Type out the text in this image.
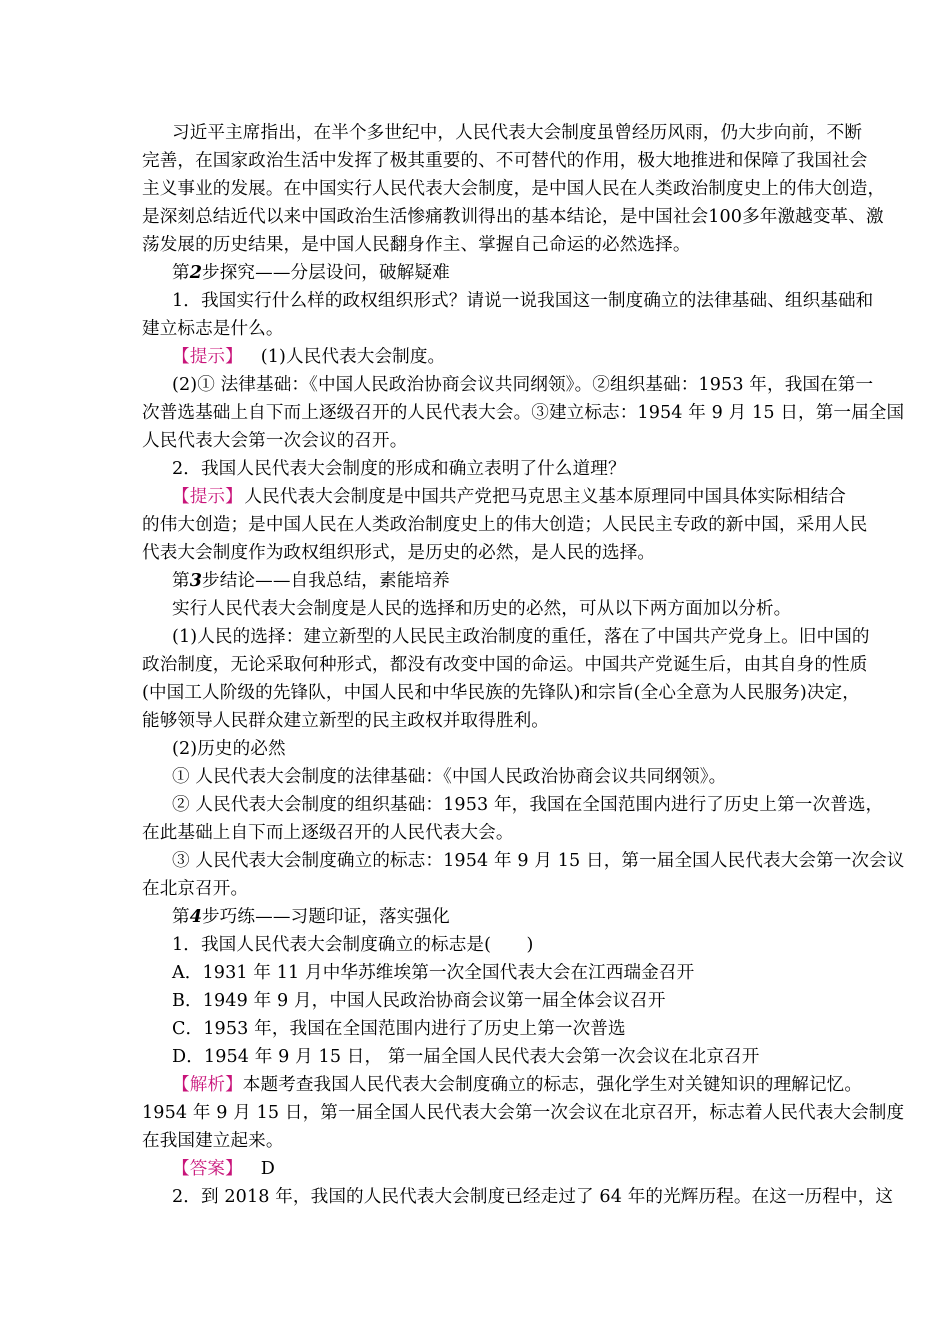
习近平主席指出，在半个多世纪中，人民代表大会制度虽曾经历风雨，仍大步向前，不断
完善，在国家政治生活中发挥了极其重要的、不可替代的作用，极大地推进和保障了我国社会
主义事业的发展。在中国实行人民代表大会制度，是中国人民在人类政治制度史上的伟大创造，
是深刻总结近代以来中国政治生活惨痛教训得出的基本结论，是中国社会100多年激越变革、激
荡发展的历史结果，是中国人民翻身作主、掌握自己命运的必然选择。
第2步探究——分层设问，破解疑难
1．我国实行什么样的政权组织形式？请说一说我国这一制度确立的法律基础、组织基础和
建立标志是什么。
【提示】 (1)人民代表大会制度。
(2)① 法律基础：《中国人民政治协商会议共同纲领》。②组织基础：1953 年，我国在第一
次普选基础上自下而上逐级召开的人民代表大会。③建立标志：1954 年 9 月 15 日，第一届全国
人民代表大会第一次会议的召开。
2．我国人民代表大会制度的形成和确立表明了什么道理？
【提示】 人民代表大会制度是中国共产党把马克思主义基本原理同中国具体实际相结合
的伟大创造；是中国人民在人类政治制度史上的伟大创造；人民民主专政的新中国，采用人民
代表大会制度作为政权组织形式，是历史的必然，是人民的选择。
第3步结论——自我总结，素能培养
实行人民代表大会制度是人民的选择和历史的必然，可从以下两方面加以分析。
(1)人民的选择：建立新型的人民民主政治制度的重任，落在了中国共产党身上。旧中国的
政治制度，无论采取何种形式，都没有改变中国的命运。中国共产党诞生后，由其自身的性质
(中国工人阶级的先锋队，中国人民和中华民族的先锋队)和宗旨(全心全意为人民服务)决定，
能够领导人民群众建立新型的民主政权并取得胜利。
(2)历史的必然
① 人民代表大会制度的法律基础：《中国人民政治协商会议共同纲领》。
② 人民代表大会制度的组织基础：1953 年，我国在全国范围内进行了历史上第一次普选，
在此基础上自下而上逐级召开的人民代表大会。
③ 人民代表大会制度确立的标志：1954 年 9 月 15 日，第一届全国人民代表大会第一次会议
在北京召开。
第4步巧练——习题印证，落实强化
1．我国人民代表大会制度确立的标志是(　　)
A．1931 年 11 月中华苏维埃第一次全国代表大会在江西瑞金召开
B．1949 年 9 月，中国人民政治协商会议第一届全体会议召开
C．1953 年，我国在全国范围内进行了历史上第一次普选
D．1954 年 9 月 15 日， 第一届全国人民代表大会第一次会议在北京召开
【解析】 本题考查我国人民代表大会制度确立的标志，强化学生对关键知识的理解记忆。
1954 年 9 月 15 日，第一届全国人民代表大会第一次会议在北京召开，标志着人民代表大会制度
在我国建立起来。
【答案】 D
2．到 2018 年，我国的人民代表大会制度已经走过了 64 年的光辉历程。在这一历程中，这
